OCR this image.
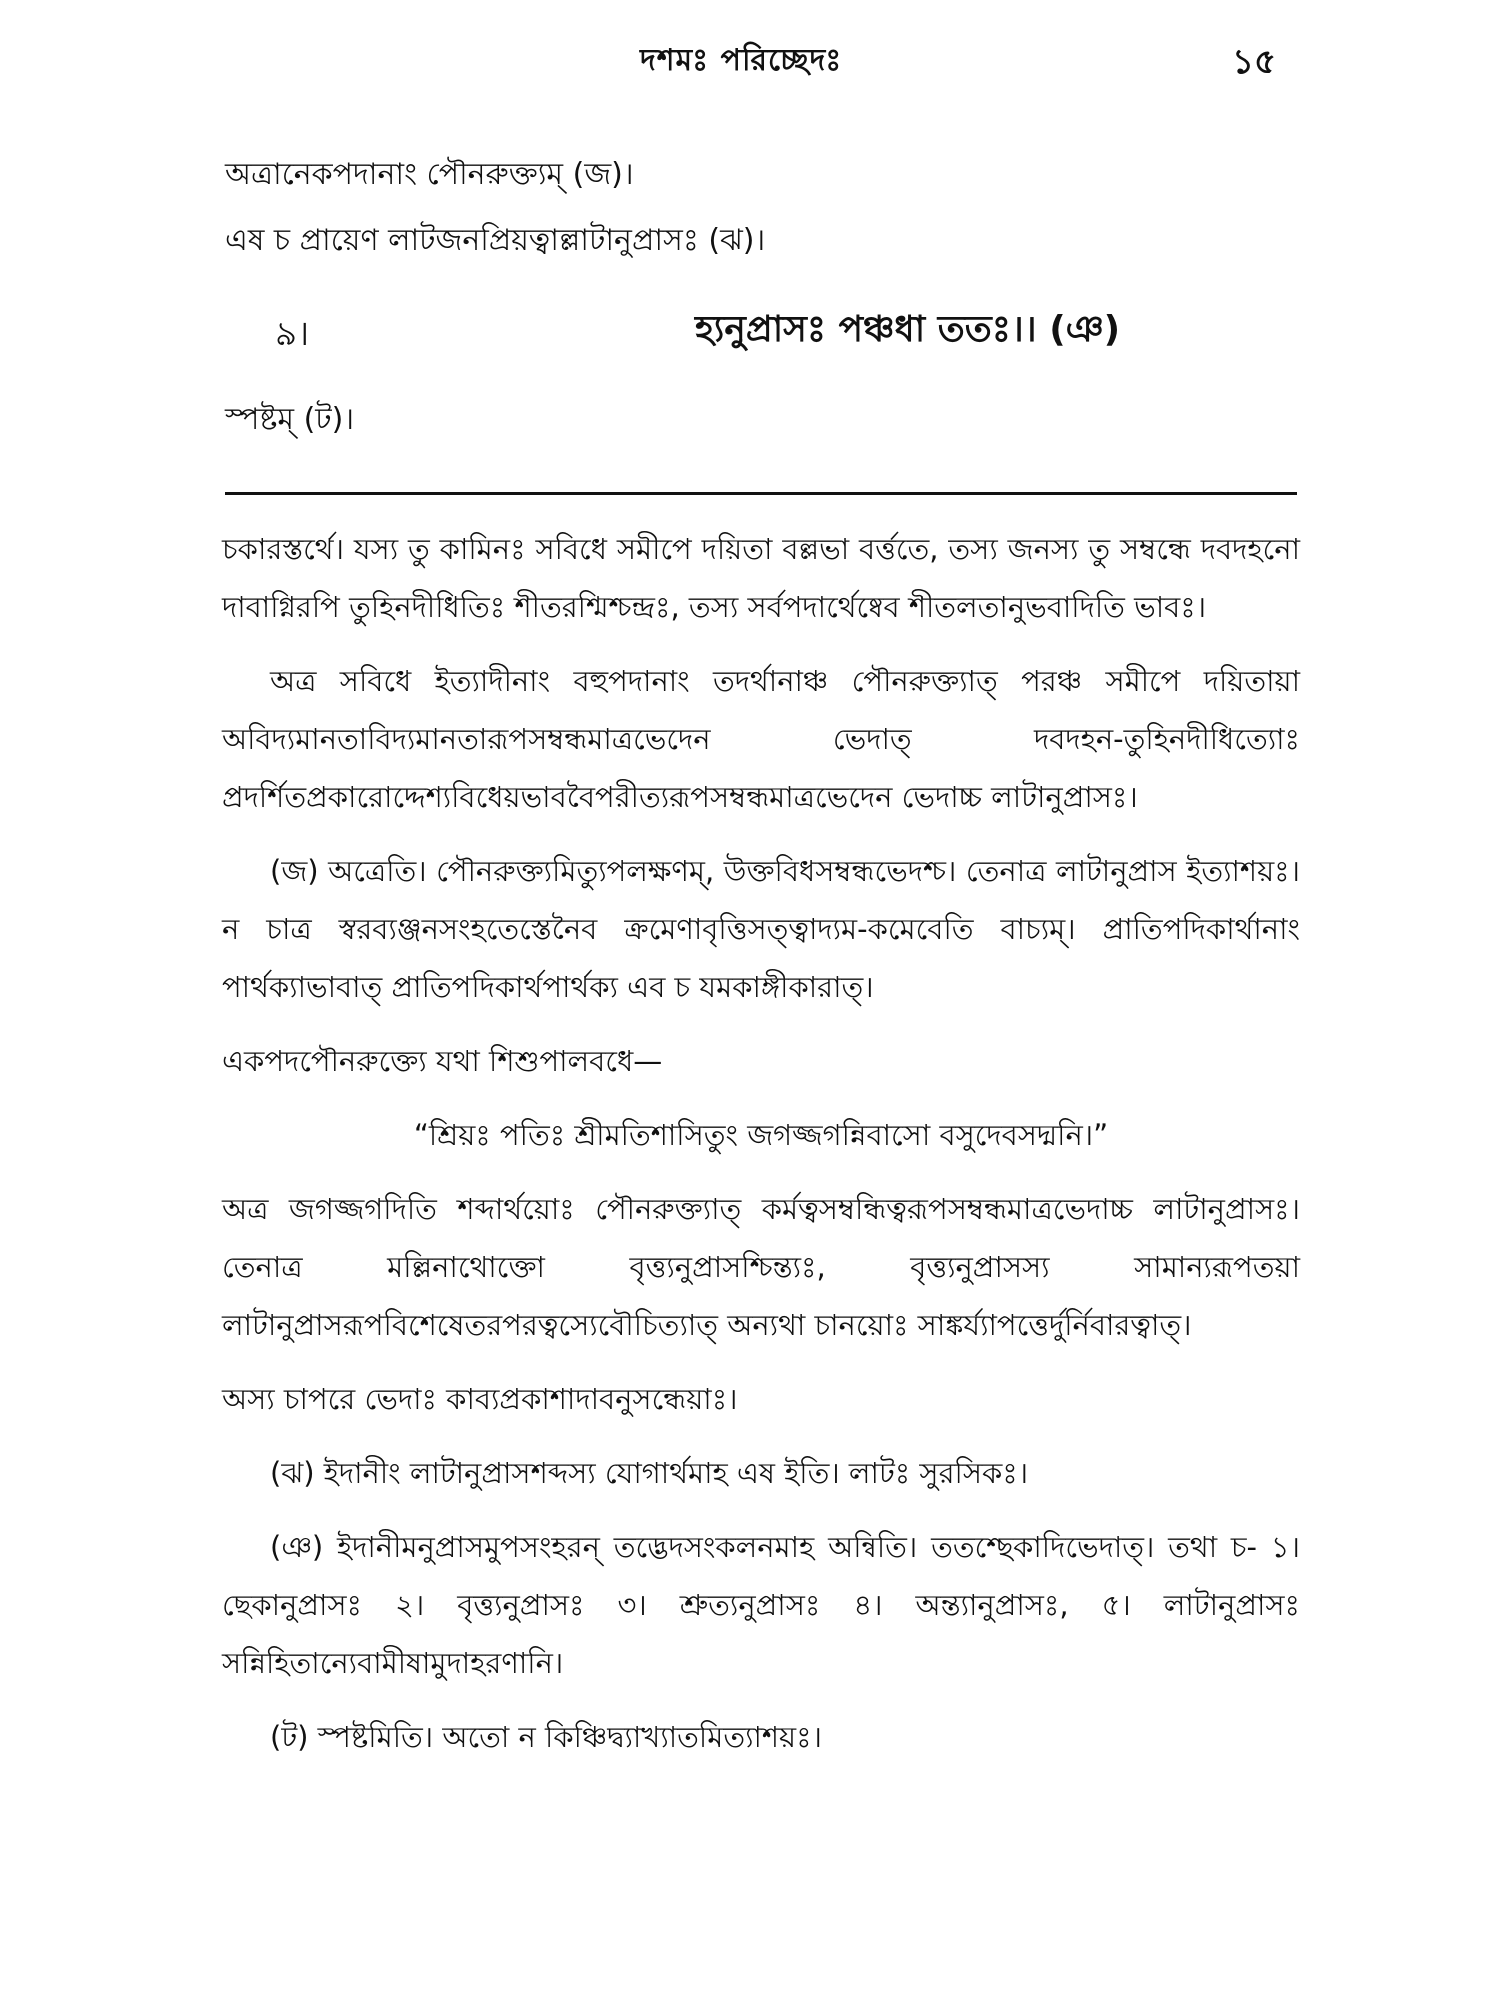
দশমঃ পরিচ্ছেদঃ	১৫
অত্রানেকপদানাং পৌনরুক্ত্যম্ (জ)।
এষ চ প্রায়েণ লাটজনপ্রিয়ত্বাল্লাটানুপ্রাসঃ (ঝ)।
৯।	হ্যনুপ্রাসঃ পঞ্চধা ততঃ।। (ঞ)
স্পষ্টম্ (ট)।

চকারস্তর্থে। যস্য তু কামিনঃ সবিধে সমীপে দয়িতা বল্লভা বর্ত্ততে, তস্য জনস্য তু সম্বন্ধে দবদহনো দাবাগ্নিরপি তুহিনদীধিতিঃ শীতরশ্মিশ্চন্দ্রঃ, তস্য সর্বপদার্থেষ্বেব শীতলতানুভবাদিতি ভাবঃ।

অত্র সবিধে ইত্যাদীনাং বহুপদানাং তদর্থানাঞ্চ পৌনরুক্ত্যাত্ পরঞ্চ সমীপে দয়িতায়া অবিদ্যমানতাবিদ্যমানতারূপসম্বন্ধমাত্রভেদেন ভেদাত্ দবদহন-তুহিনদীধিত্যোঃ প্রদর্শিতপ্রকারোদ্দেশ্যবিধেয়ভাববৈপরীত্যরূপসম্বন্ধমাত্রভেদেন ভেদাচ্চ লাটানুপ্রাসঃ।

(জ) অত্রেতি। পৌনরুক্ত্যমিত্যুপলক্ষণম্, উক্তবিধসম্বন্ধভেদশ্চ। তেনাত্র লাটানুপ্রাস ইত্যাশয়ঃ। ন চাত্র স্বরব্যঞ্জনসংহতেস্তেনৈব ক্রমেণাবৃত্তিসত্ত্বাদ্যম-কমেবেতি বাচ্যম্। প্রাতিপদিকার্থানাং পার্থক্যাভাবাত্ প্রাতিপদিকার্থপার্থক্য এব চ যমকাঙ্গীকারাত্।

একপদপৌনরুক্ত্যে যথা শিশুপালবধে—

“শ্রিয়ঃ পতিঃ শ্রীমতিশাসিতুং জগজ্জগন্নিবাসো বসুদেবসদ্মনি।”

অত্র জগজ্জগদিতি শব্দার্থয়োঃ পৌনরুক্ত্যাত্ কর্মত্বসম্বন্ধিত্বরূপসম্বন্ধমাত্রভেদাচ্চ লাটানুপ্রাসঃ। তেনাত্র মল্লিনাথোক্তো বৃত্ত্যনুপ্রাসশ্চিন্ত্যঃ, বৃত্ত্যনুপ্রাসস্য সামান্যরূপতয়া লাটানুপ্রাসরূপবিশেষেতরপরত্বস্যেবৌচিত্যাত্ অন্যথা চানয়োঃ সাঙ্কর্য্যাপত্তের্দুর্নিবারত্বাত্।

অস্য চাপরে ভেদাঃ কাব্যপ্রকাশাদাবনুসন্ধেয়াঃ।

(ঝ) ইদানীং লাটানুপ্রাসশব্দস্য যোগার্থমাহ এষ ইতি। লাটঃ সুরসিকঃ।

(ঞ) ইদানীমনুপ্রাসমুপসংহরন্ তদ্ভেদসংকলনমাহ অন্বিতি। ততশ্ছেকাদিভেদাত্। তথা চ- ১। ছেকানুপ্রাসঃ ২। বৃত্ত্যনুপ্রাসঃ ৩। শ্রুত্যনুপ্রাসঃ ৪। অন্ত্যানুপ্রাসঃ, ৫। লাটানুপ্রাসঃ সন্নিহিতান্যেবামীষামুদাহরণানি।

(ট) স্পষ্টমিতি। অতো ন কিঞ্চিদ্ব্যাখ্যাতমিত্যাশয়ঃ।
